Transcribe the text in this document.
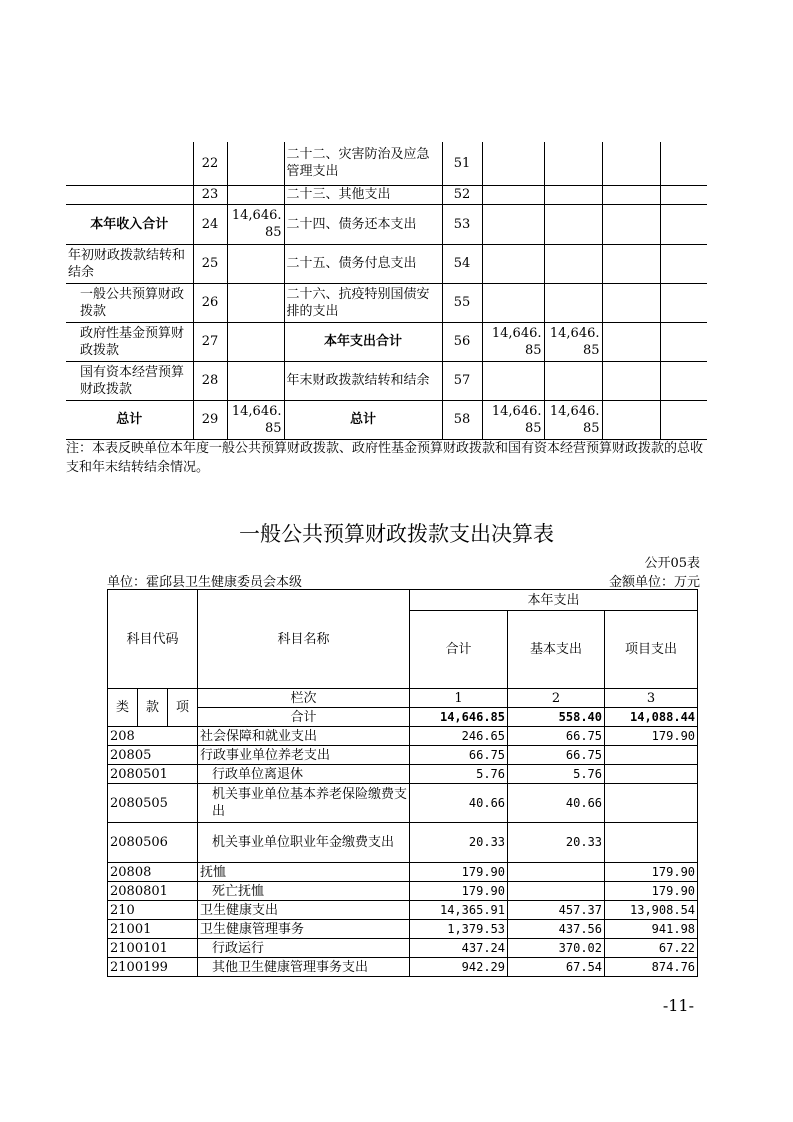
	22		二十二、灾害防治及应急管理支出	51				
	23		二十三、其他支出	52				
本年收入合计	24	14,646.85	二十四、债务还本支出	53				
年初财政拨款结转和结余	25		二十五、债务付息支出	54				
一般公共预算财政拨款	26		二十六、抗疫特别国债安排的支出	55				
政府性基金预算财政拨款	27		本年支出合计	56	14,646.85	14,646.85		
国有资本经营预算财政拨款	28		年末财政拨款结转和结余	57				
总计	29	14,646.85	总计	58	14,646.85	14,646.85		
注：本表反映单位本年度一般公共预算财政拨款、政府性基金预算财政拨款和国有资本经营预算财政拨款的总收支和年末结转结余情况。
一般公共预算财政拨款支出决算表
公开05表
单位：霍邱县卫生健康委员会本级	金额单位：万元
科目代码			科目名称	本年支出		
				合计	基本支出	项目支出
类	款	项	栏次	1	2	3
			合计	14,646.85	558.40	14,088.44
208			社会保障和就业支出	246.65	66.75	179.90
20805			行政事业单位养老支出	66.75	66.75	
2080501			行政单位离退休	5.76	5.76	
2080505			机关事业单位基本养老保险缴费支出	40.66	40.66	
2080506			机关事业单位职业年金缴费支出	20.33	20.33	
20808			抚恤	179.90		179.90
2080801			死亡抚恤	179.90		179.90
210			卫生健康支出	14,365.91	457.37	13,908.54
21001			卫生健康管理事务	1,379.53	437.56	941.98
2100101			行政运行	437.24	370.02	67.22
2100199			其他卫生健康管理事务支出	942.29	67.54	874.76
-11-
